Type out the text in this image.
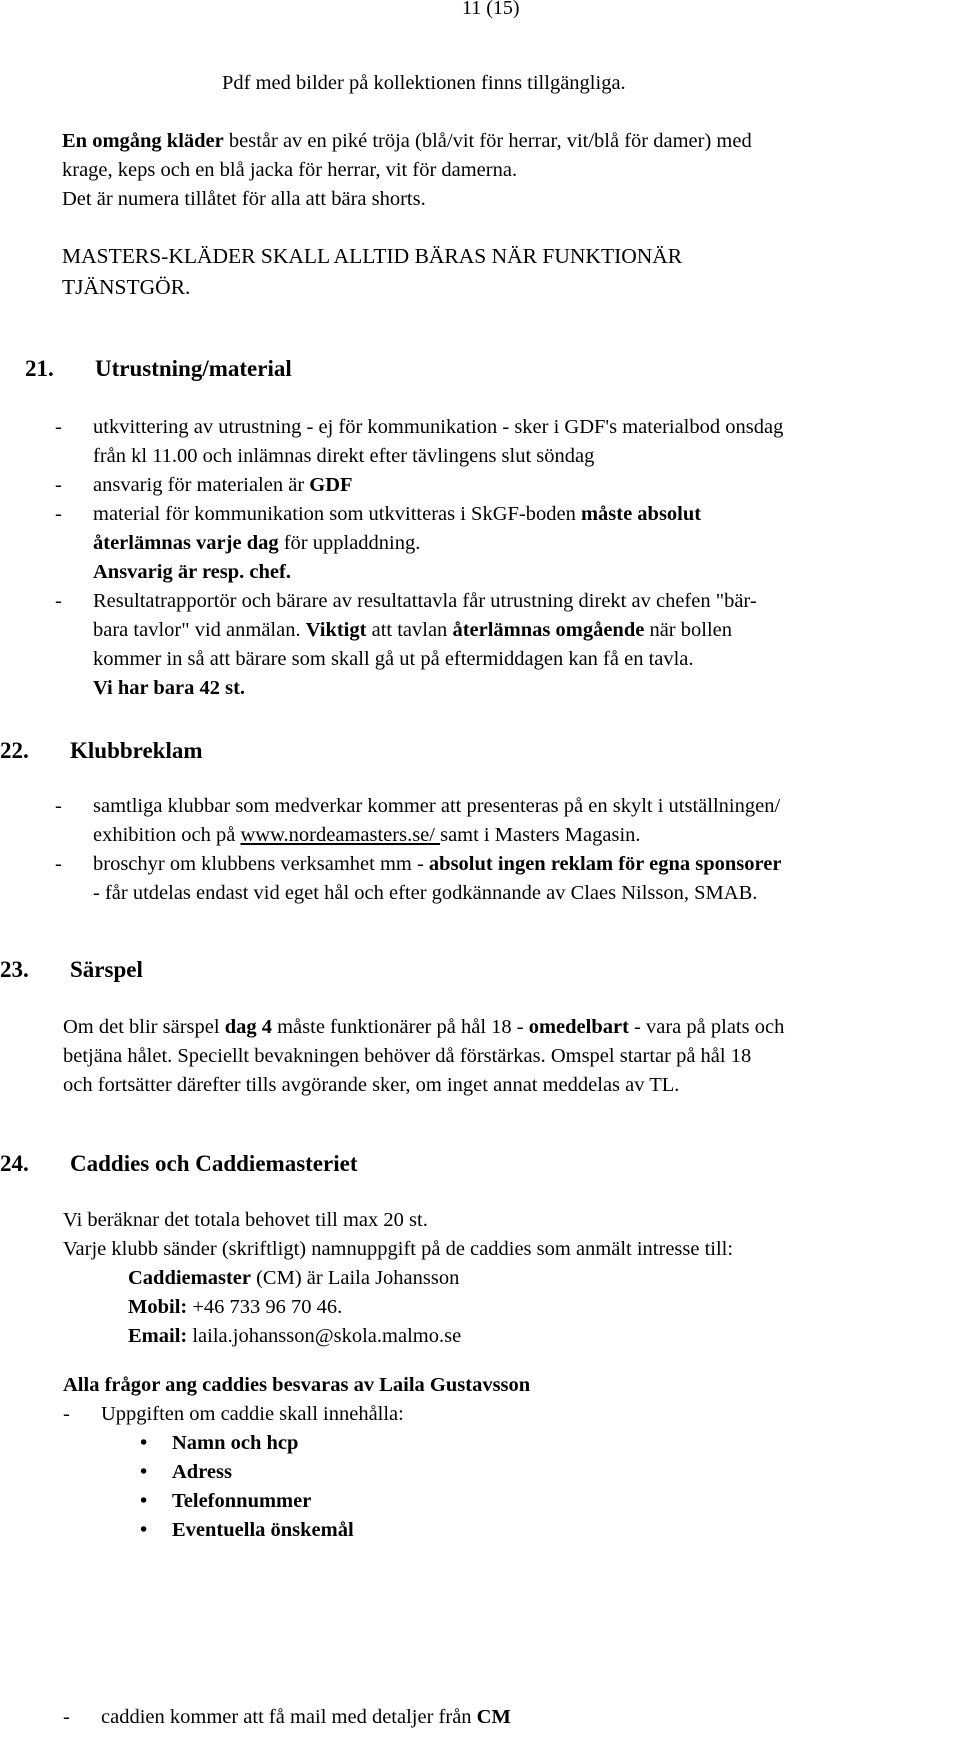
11 (15)

Pdf med bilder på kollektionen finns tillgängliga.

En omgång kläder består av en piké tröja (blå/vit för herrar, vit/blå för damer) med

krage, keps och en blå jacka för herrar, vit för damerna.

Det är numera tillåtet för alla att bära shorts.

MASTERS-KLÄDER SKALL ALLTID BÄRAS NÄR FUNKTIONÄR

TJÄNSTGÖR.

21. Utrustning/material
-	utkvittering av utrustning - ej för kommunikation - sker i GDF's materialbod onsdag
från kl 11.00 och inlämnas direkt efter tävlingens slut söndag
-	ansvarig för materialen är GDF
-	material för kommunikation som utkvitteras i SkGF-boden måste absolut
återlämnas varje dag för uppladdning.
Ansvarig är resp. chef.
-	Resultatrapportör och bärare av resultattavla får utrustning direkt av chefen "bär-
bara tavlor" vid anmälan. Viktigt att tavlan återlämnas omgående när bollen
kommer in så att bärare som skall gå ut på eftermiddagen kan få en tavla.
Vi har bara 42 st.
22. Klubbreklam
-	samtliga klubbar som medverkar kommer att presenteras på en skylt i utställningen/
exhibition och på www.nordeamasters.se/ samt i Masters Magasin.
-	broschyr om klubbens verksamhet mm - absolut ingen reklam för egna sponsorer
- får utdelas endast vid eget hål och efter godkännande av Claes Nilsson, SMAB.
23. Särspel

Om det blir särspel dag 4 måste funktionärer på hål 18 - omedelbart - vara på plats och

betjäna hålet. Speciellt bevakningen behöver då förstärkas. Omspel startar på hål 18

och fortsätter därefter tills avgörande sker, om inget annat meddelas av TL.

24. Caddies och Caddiemasteriet

Vi beräknar det totala behovet till max 20 st.

Varje klubb sänder (skriftligt) namnuppgift på de caddies som anmält intresse till:

Caddiemaster (CM) är Laila Johansson

Mobil: +46 733 96 70 46.

Email: laila.johansson@skola.malmo.se

Alla frågor ang caddies besvaras av Laila Gustavsson

-	Uppgiften om caddie skall innehålla:
•	Namn och hcp
•	Adress
•	Telefonnummer
•	Eventuella önskemål
-	caddien kommer att få mail med detaljer från CM
